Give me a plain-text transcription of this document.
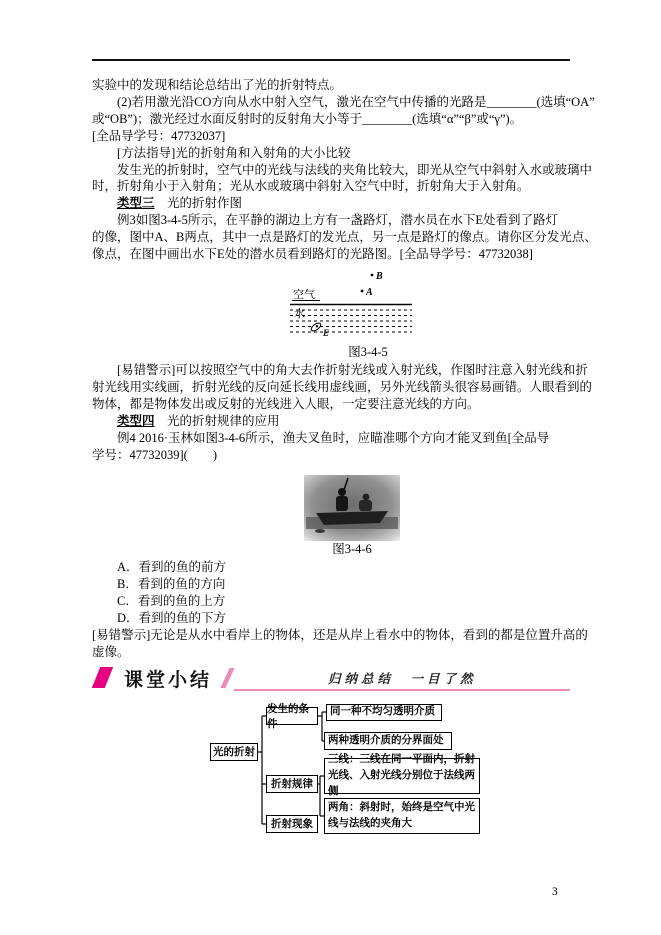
实验中的发现和结论总结出了光的折射特点。
(2)若用激光沿CO方向从水中射入空气，激光在空气中传播的光路是________(选填“OA”
或“OB”)；激光经过水面反射时的反射角大小等于________(选填“α”“β”或“γ”)。
[全品导学号：47732037]
[方法指导]光的折射角和入射角的大小比较
发生光的折射时，空气中的光线与法线的夹角比较大，即光从空气中斜射入水或玻璃中
时，折射角小于入射角；光从水或玻璃中斜射入空气中时，折射角大于入射角。
类型三　光的折射作图
例3如图3-4-5所示，在平静的湖边上方有一盏路灯，潜水员在水下E处看到了路灯
的像，图中A、B两点，其中一点是路灯的发光点，另一点是路灯的像点。请你区分发光点、
像点，在图中画出水下E处的潜水员看到路灯的光路图。[全品导学号：47732038]
B
A
空气
水
E
图3-4-5
[易错警示]可以按照空气中的角大去作折射光线或入射光线，作图时注意入射光线和折
射光线用实线画，折射光线的反向延长线用虚线画，另外光线箭头很容易画错。人眼看到的
物体，都是物体发出或反射的光线进入人眼，一定要注意光线的方向。
类型四　光的折射规律的应用
例4 2016·玉林如图3-4-6所示，渔夫叉鱼时，应瞄准哪个方向才能叉到鱼[全品导
学号：47732039](　　)
图3-4-6
A．看到的鱼的前方
B．看到的鱼的方向
C．看到的鱼的上方
D．看到的鱼的下方
[易错警示]无论是从水中看岸上的物体，还是从岸上看水中的物体，看到的都是位置升高的
虚像。
课堂小结	归纳总结　一目了然
光的折射
发生的条件
折射规律
折射现象
同一种不均匀透明介质
两种透明介质的分界面处
三线：三线在同一平面内，折射光线、入射光线分别位于法线两侧
两角：斜射时，始终是空气中光线与法线的夹角大
3
